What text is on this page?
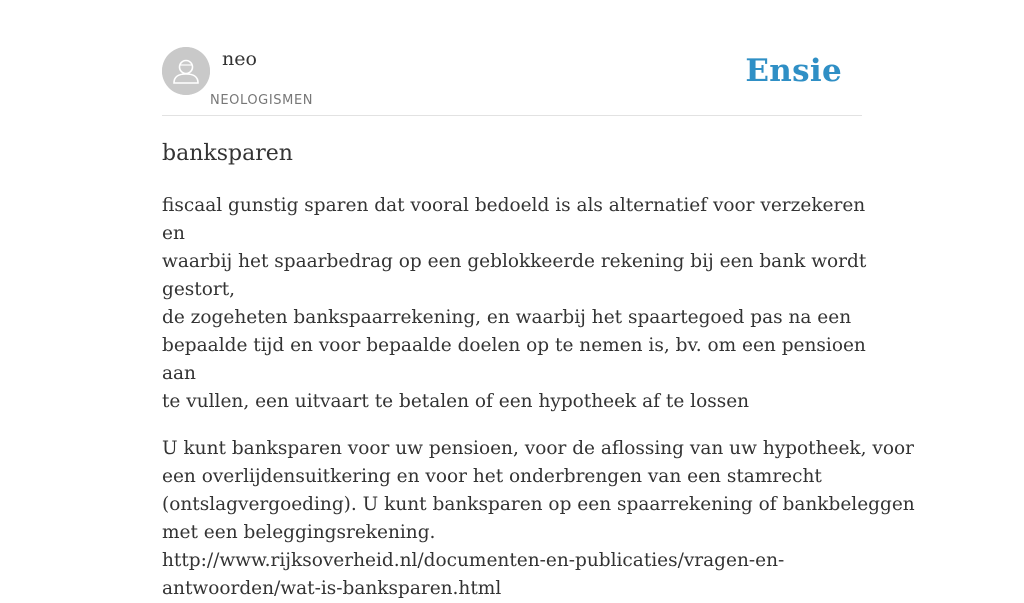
neo
NEOLOGISMEN
Ensie
banksparen

fiscaal gunstig sparen dat vooral bedoeld is als alternatief voor verzekeren en
waarbij het spaarbedrag op een geblokkeerde rekening bij een bank wordt gestort,
de zogeheten bankspaarrekening, en waarbij het spaartegoed pas na een
bepaalde tijd en voor bepaalde doelen op te nemen is, bv. om een pensioen aan
te vullen, een uitvaart te betalen of een hypotheek af te lossen

U kunt banksparen voor uw pensioen, voor de aflossing van uw hypotheek, voor
een overlijdensuitkering en voor het onderbrengen van een stamrecht
(ontslagvergoeding). U kunt banksparen op een spaarrekening of bankbeleggen
met een beleggingsrekening.
http://www.rijksoverheid.nl/documenten-en-publicaties/vragen-en-
antwoorden/wat-is-banksparen.html
